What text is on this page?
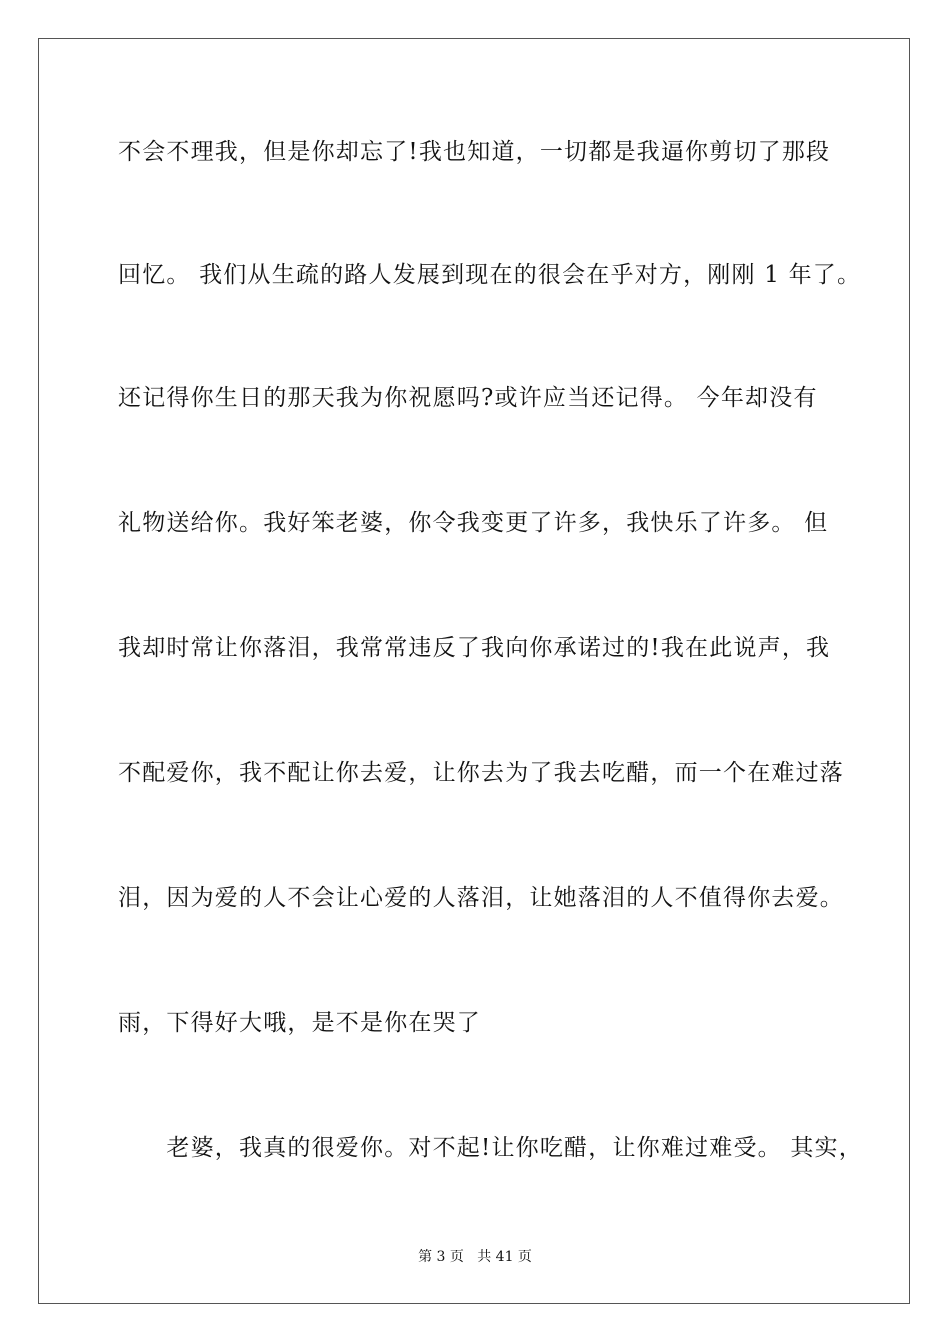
不会不理我，但是你却忘了!我也知道，一切都是我逼你剪切了那段
回忆。 我们从生疏的路人发展到现在的很会在乎对方，刚刚 1 年了。
还记得你生日的那天我为你祝愿吗?或许应当还记得。 今年却没有
礼物送给你。我好笨老婆，你令我变更了许多，我快乐了许多。 但
我却时常让你落泪，我常常违反了我向你承诺过的!我在此说声，我
不配爱你，我不配让你去爱，让你去为了我去吃醋，而一个在难过落
泪，因为爱的人不会让心爱的人落泪，让她落泪的人不值得你去爱。
雨，下得好大哦，是不是你在哭了
　　老婆，我真的很爱你。对不起!让你吃醋，让你难过难受。 其实，
第 3 页   共 41 页
